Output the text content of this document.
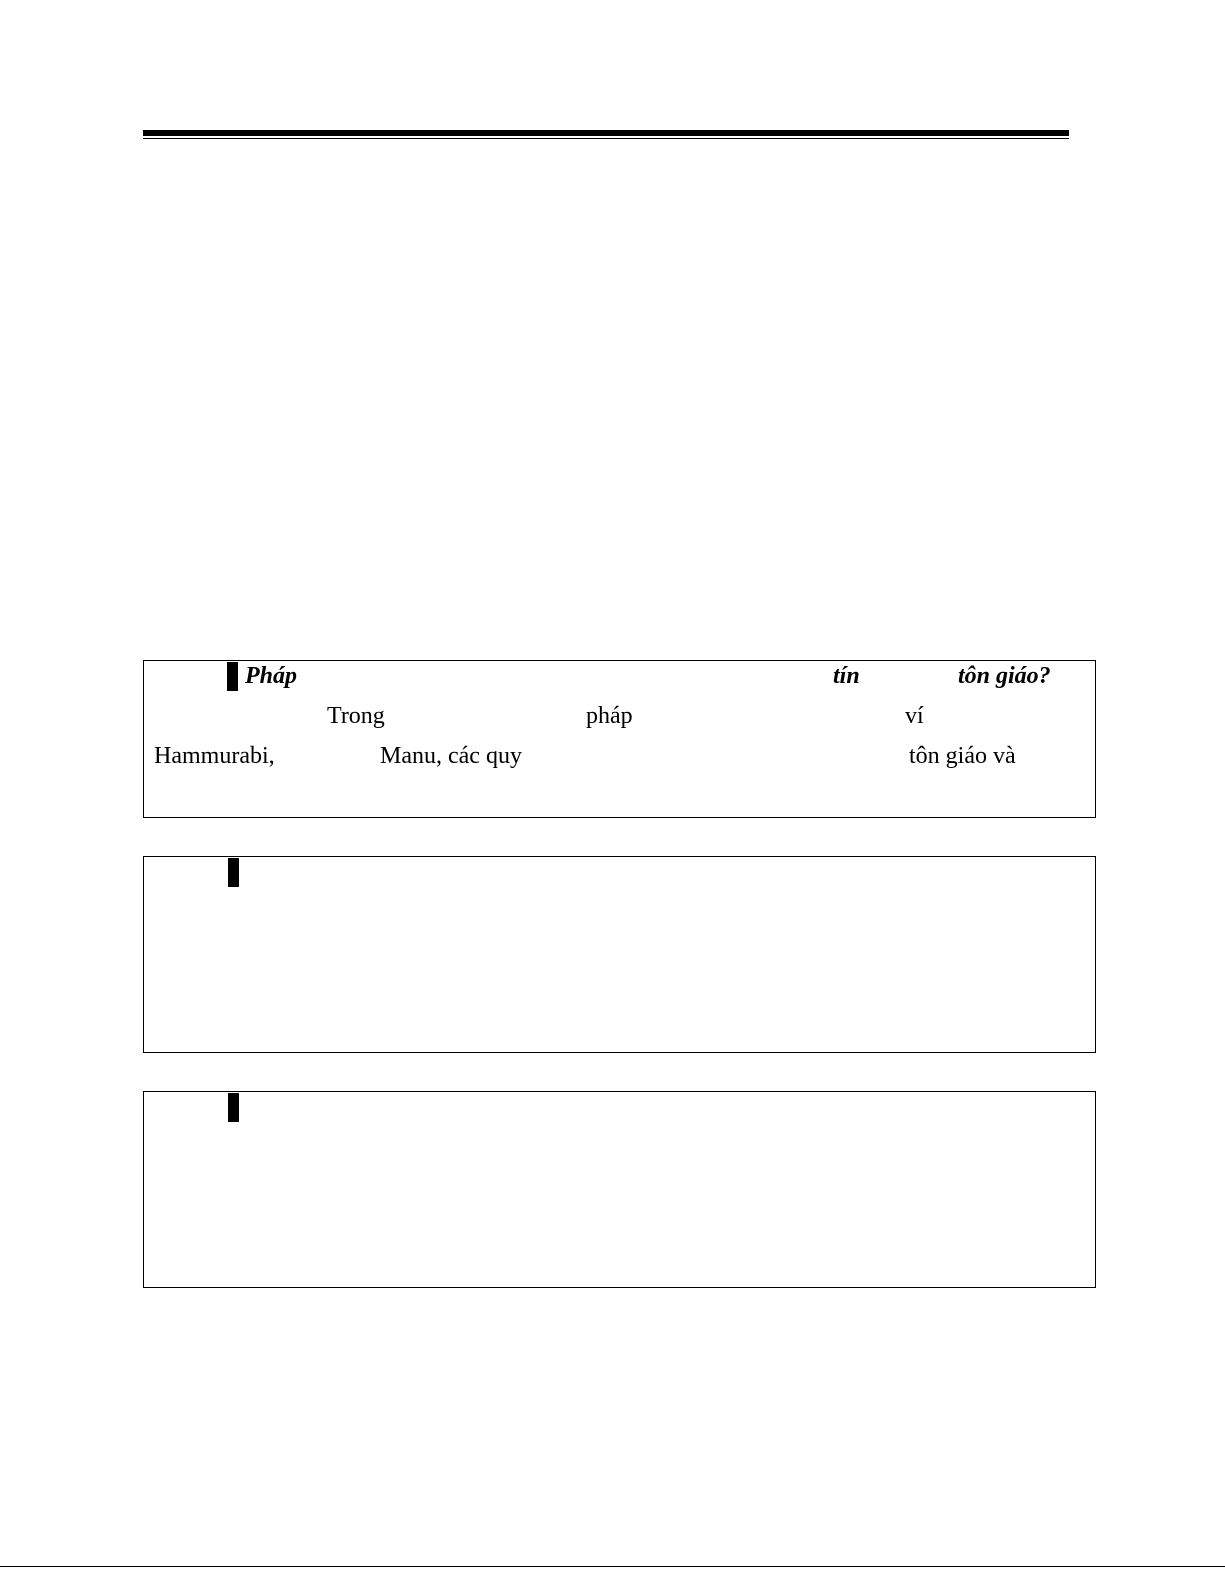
Pháp	tín	tôn giáo?
Trong	pháp	ví
Hammurabi,	Manu, các quy	tôn giáo và
